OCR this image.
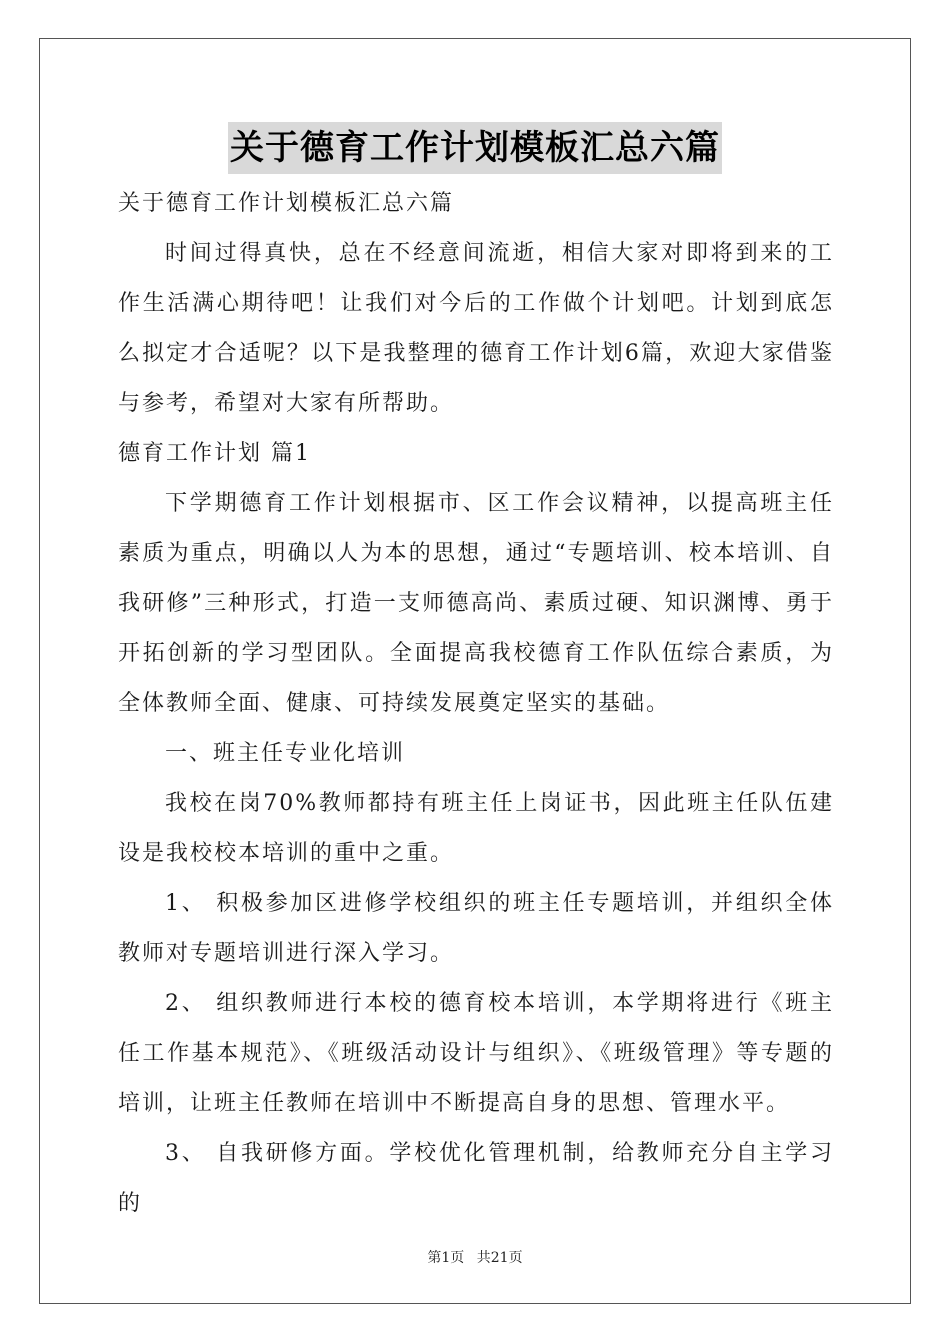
关于德育工作计划模板汇总六篇

关于德育工作计划模板汇总六篇

时间过得真快，总在不经意间流逝，相信大家对即将到来的工作生活满心期待吧！让我们对今后的工作做个计划吧。计划到底怎么拟定才合适呢？以下是我整理的德育工作计划6篇，欢迎大家借鉴与参考，希望对大家有所帮助。

德育工作计划 篇1

下学期德育工作计划根据市、区工作会议精神，以提高班主任素质为重点，明确以人为本的思想，通过“专题培训、校本培训、自我研修”三种形式，打造一支师德高尚、素质过硬、知识渊博、勇于开拓创新的学习型团队。全面提高我校德育工作队伍综合素质，为全体教师全面、健康、可持续发展奠定坚实的基础。

一、班主任专业化培训

我校在岗70%教师都持有班主任上岗证书，因此班主任队伍建设是我校校本培训的重中之重。

1、 积极参加区进修学校组织的班主任专题培训，并组织全体教师对专题培训进行深入学习。

2、 组织教师进行本校的德育校本培训，本学期将进行《班主任工作基本规范》、《班级活动设计与组织》、《班级管理》等专题的培训，让班主任教师在培训中不断提高自身的思想、管理水平。

3、 自我研修方面。学校优化管理机制，给教师充分自主学习的

第1页 共21页
